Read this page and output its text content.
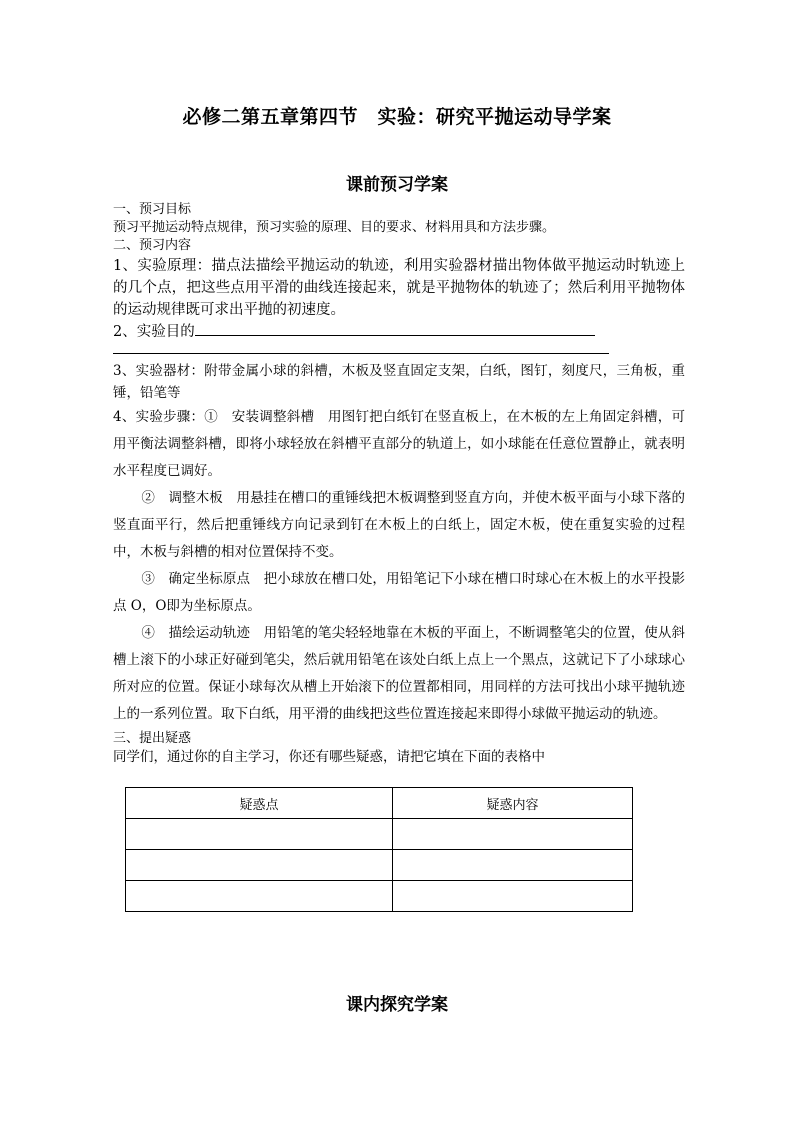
必修二第五章第四节　实验：研究平抛运动导学案
课前预习学案
一、预习目标
预习平抛运动特点规律，预习实验的原理、目的要求、材料用具和方法步骤。
二、预习内容

1、实验原理：描点法描绘平抛运动的轨迹，利用实验器材描出物体做平抛运动时轨迹上的几个点，把这些点用平滑的曲线连接起来，就是平抛物体的轨迹了；然后利用平抛物体的运动规律既可求出平抛的初速度。

2、实验目的

3、实验器材：附带金属小球的斜槽，木板及竖直固定支架，白纸，图钉，刻度尺，三角板，重锤，铅笔等

4、实验步骤：①　安装调整斜槽　用图钉把白纸钉在竖直板上，在木板的左上角固定斜槽，可用平衡法调整斜槽，即将小球轻放在斜槽平直部分的轨道上，如小球能在任意位置静止，就表明水平程度已调好。

②　调整木板　用悬挂在槽口的重锤线把木板调整到竖直方向，并使木板平面与小球下落的竖直面平行，然后把重锤线方向记录到钉在木板上的白纸上，固定木板，使在重复实验的过程中，木板与斜槽的相对位置保持不变。

③　确定坐标原点　把小球放在槽口处，用铅笔记下小球在槽口时球心在木板上的水平投影点 O，O即为坐标原点。

④　描绘运动轨迹　用铅笔的笔尖轻轻地靠在木板的平面上，不断调整笔尖的位置，使从斜槽上滚下的小球正好碰到笔尖，然后就用铅笔在该处白纸上点上一个黑点，这就记下了小球球心所对应的位置。保证小球每次从槽上开始滚下的位置都相同，用同样的方法可找出小球平抛轨迹上的一系列位置。取下白纸，用平滑的曲线把这些位置连接起来即得小球做平抛运动的轨迹。

三、提出疑惑
同学们，通过你的自主学习，你还有哪些疑惑，请把它填在下面的表格中
疑惑点	疑惑内容

课内探究学案
